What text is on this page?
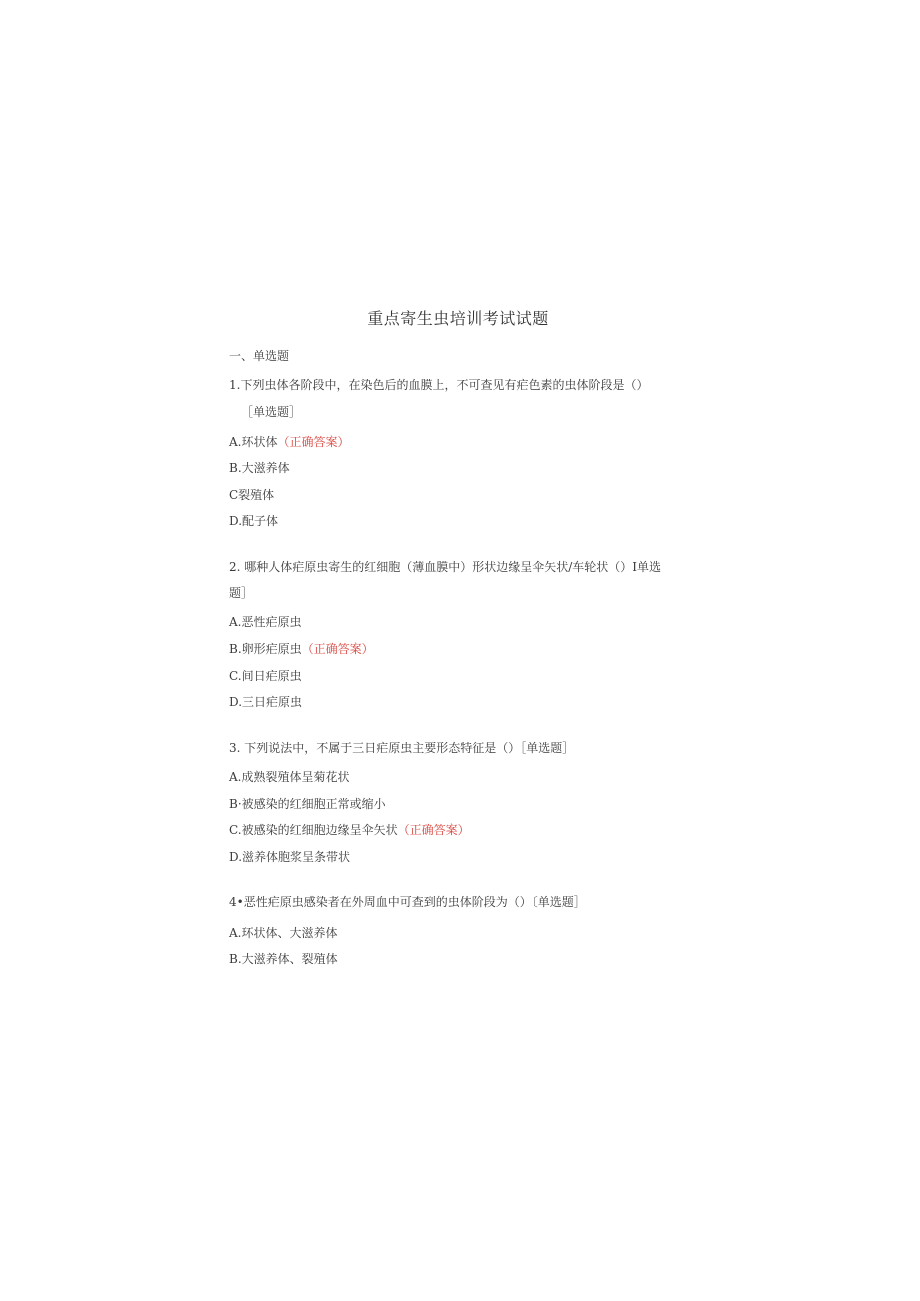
重点寄生虫培训考试试题
一、单选题
1.下列虫体各阶段中，在染色后的血膜上，不可查见有疟色素的虫体阶段是（）
［单选题］
A.环状体（正确答案）
B.大滋养体
C裂殖体
D.配子体
2. 哪种人体疟原虫寄生的红细胞（薄血膜中）形状边缘呈伞矢状/车轮状（）I单选
题］
A.恶性疟原虫
B.卵形疟原虫（正确答案）
C.间日疟原虫
D.三日疟原虫
3. 下列说法中，不属于三日疟原虫主要形态特征是（）［单选题］
A.成熟裂殖体呈菊花状
B·被感染的红细胞正常或缩小
C.被感染的红细胞边缘呈伞矢状（正确答案）
D.滋养体胞浆呈条带状
4•恶性疟原虫感染者在外周血中可查到的虫体阶段为（）〔单选题］
A.环状体、大滋养体
B.大滋养体、裂殖体
